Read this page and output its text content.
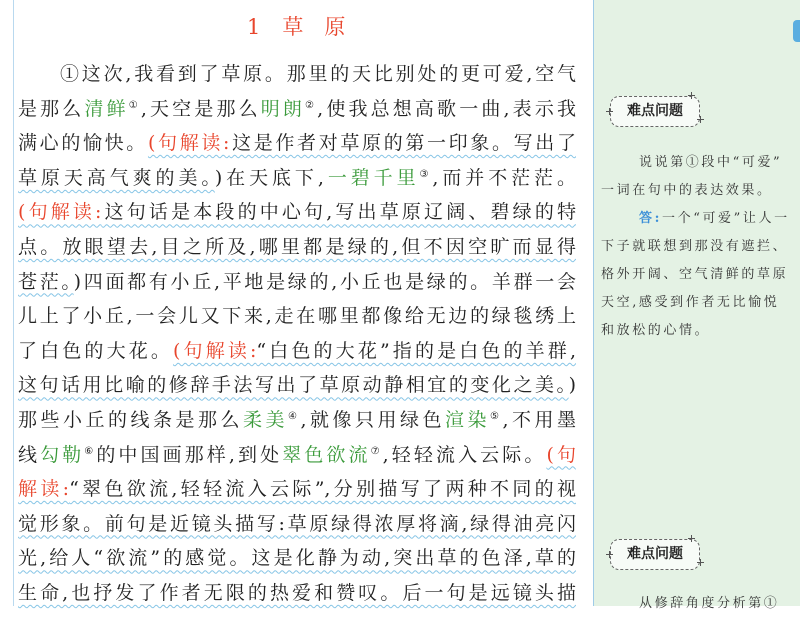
1 草原
①这次,我看到了草原。那里的天比别处的更可爱,空气
是那么清鲜①,天空是那么明朗②,使我总想高歌一曲,表示我
满心的愉快。(句解读:这是作者对草原的第一印象。写出了
草原天高气爽的美。)在天底下,一碧千里③,而并不茫茫。
(句解读:这句话是本段的中心句,写出草原辽阔、碧绿的特
点。放眼望去,目之所及,哪里都是绿的,但不因空旷而显得
苍茫。)四面都有小丘,平地是绿的,小丘也是绿的。羊群一会
儿上了小丘,一会儿又下来,走在哪里都像给无边的绿毯绣上
了白色的大花。(句解读:“白色的大花”指的是白色的羊群,
这句话用比喻的修辞手法写出了草原动静相宜的变化之美。)
那些小丘的线条是那么柔美④,就像只用绿色渲染⑤,不用墨
线勾勒⑥的中国画那样,到处翠色欲流⑦,轻轻流入云际。(句
解读:“翠色欲流,轻轻流入云际”,分别描写了两种不同的视
觉形象。前句是近镜头描写:草原绿得浓厚将滴,绿得油亮闪
光,给人“欲流”的感觉。这是化静为动,突出草的色泽,草的
生命,也抒发了作者无限的热爱和赞叹。后一句是远镜头描
难点问题
说说第①段中“可爱”
一词在句中的表达效果。
答:一个“可爱”让人一
下子就联想到那没有遮拦、
格外开阔、空气清鲜的草原
天空,感受到作者无比愉悦
和放松的心情。
难点问题
从修辞角度分析第①
